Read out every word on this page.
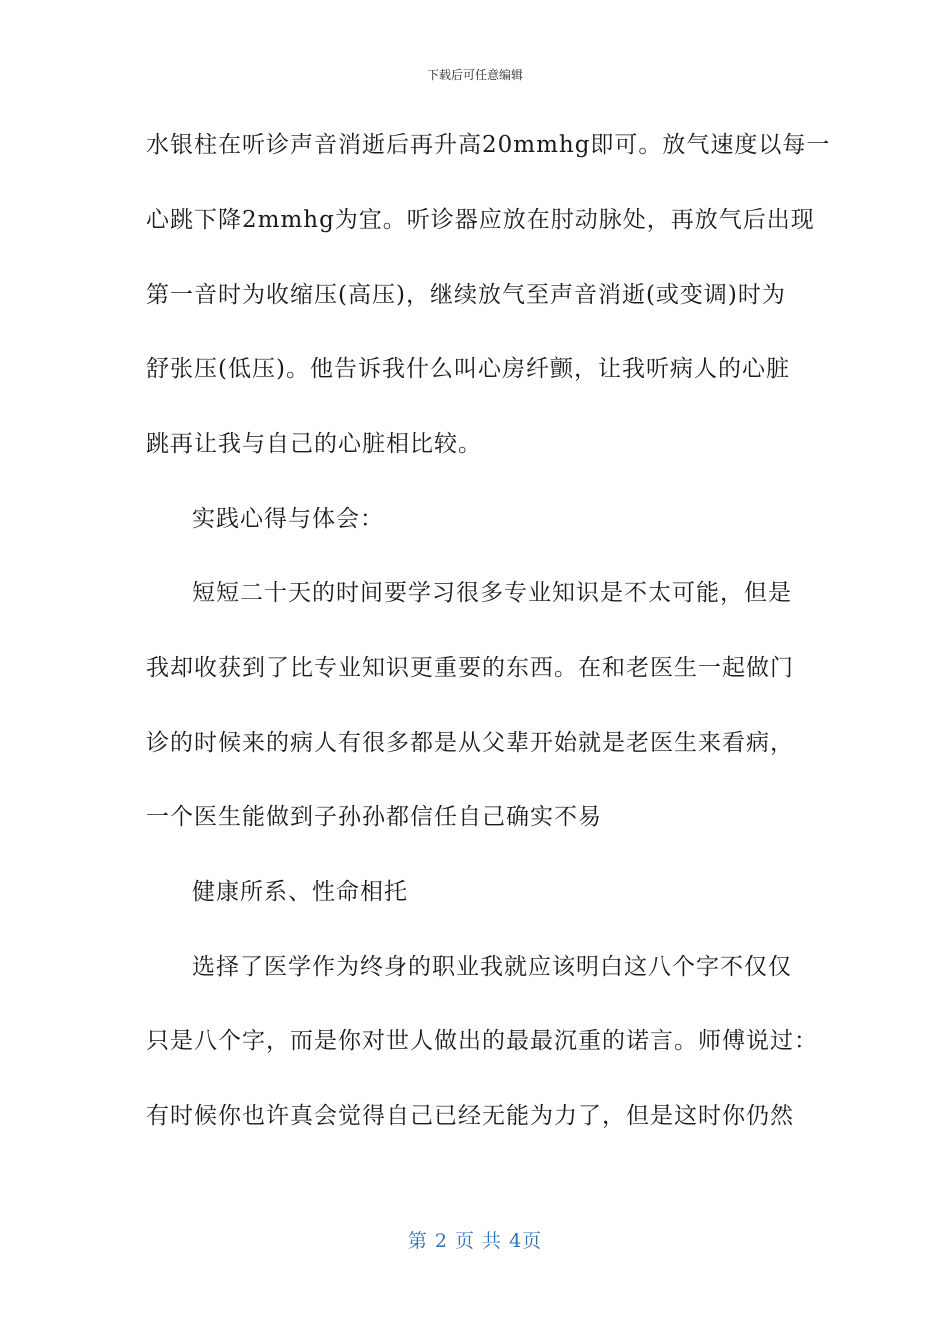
下载后可任意编辑
水银柱在听诊声音消逝后再升高20mmhg即可。放气速度以每一
心跳下降2mmhg为宜。听诊器应放在肘动脉处，再放气后出现
第一音时为收缩压(高压)，继续放气至声音消逝(或变调)时为
舒张压(低压)。他告诉我什么叫心房纤颤，让我听病人的心脏
跳再让我与自己的心脏相比较。
实践心得与体会：
短短二十天的时间要学习很多专业知识是不太可能，但是
我却收获到了比专业知识更重要的东西。在和老医生一起做门
诊的时候来的病人有很多都是从父辈开始就是老医生来看病，
一个医生能做到子孙孙都信任自己确实不易
健康所系、性命相托
选择了医学作为终身的职业我就应该明白这八个字不仅仅
只是八个字，而是你对世人做出的最最沉重的诺言。师傅说过：
有时候你也许真会觉得自己已经无能为力了，但是这时你仍然
第 2 页 共 4页
